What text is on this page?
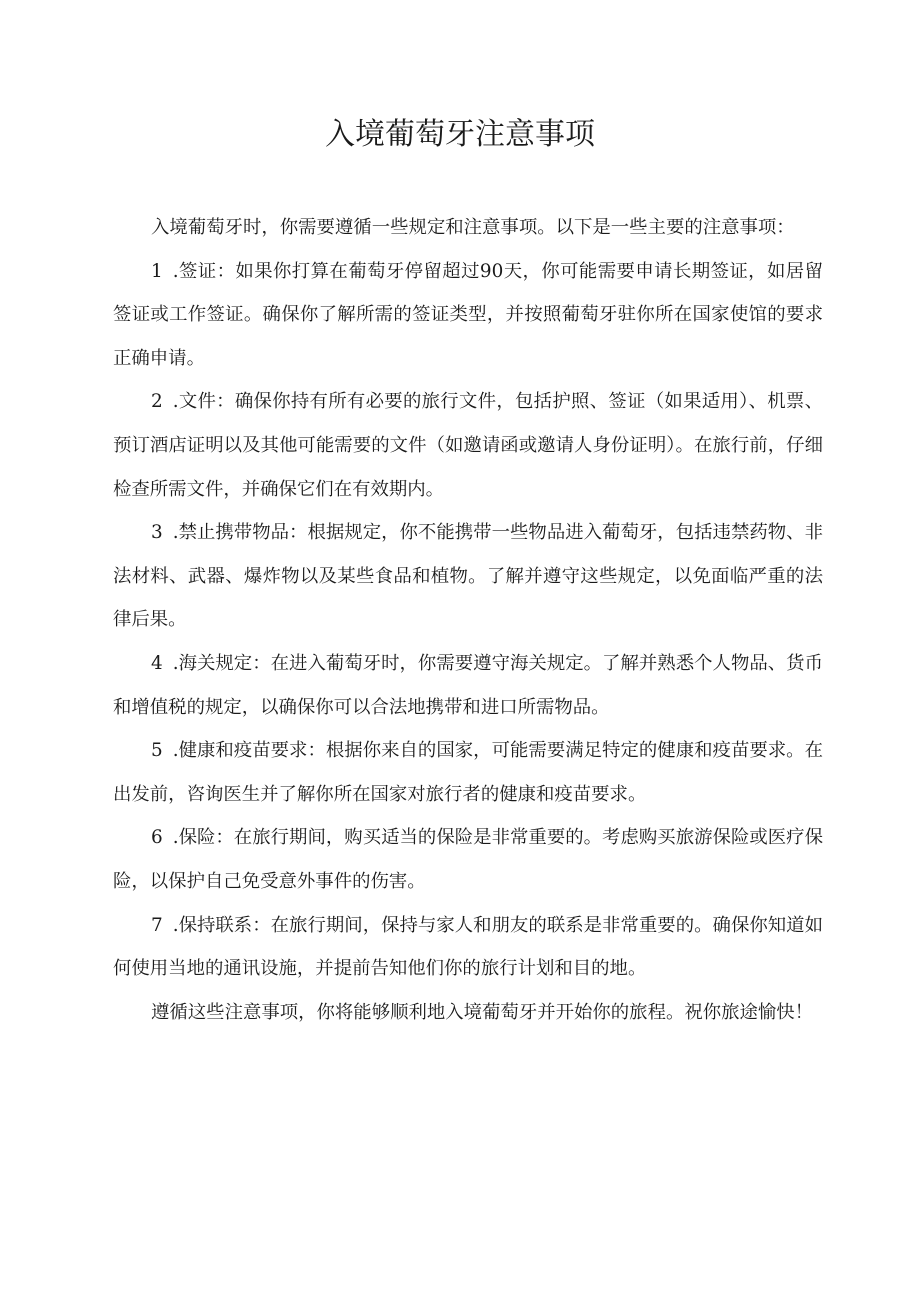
入境葡萄牙注意事项

入境葡萄牙时，你需要遵循一些规定和注意事项。以下是一些主要的注意事项：

1 .签证：如果你打算在葡萄牙停留超过90天，你可能需要申请长期签证，如居留签证或工作签证。确保你了解所需的签证类型，并按照葡萄牙驻你所在国家使馆的要求正确申请。

2 .文件：确保你持有所有必要的旅行文件，包括护照、签证（如果适用）、机票、预订酒店证明以及其他可能需要的文件（如邀请函或邀请人身份证明）。在旅行前，仔细检查所需文件，并确保它们在有效期内。

3 .禁止携带物品：根据规定，你不能携带一些物品进入葡萄牙，包括违禁药物、非法材料、武器、爆炸物以及某些食品和植物。了解并遵守这些规定，以免面临严重的法律后果。

4 .海关规定：在进入葡萄牙时，你需要遵守海关规定。了解并熟悉个人物品、货币和增值税的规定，以确保你可以合法地携带和进口所需物品。

5 .健康和疫苗要求：根据你来自的国家，可能需要满足特定的健康和疫苗要求。在出发前，咨询医生并了解你所在国家对旅行者的健康和疫苗要求。

6 .保险：在旅行期间，购买适当的保险是非常重要的。考虑购买旅游保险或医疗保险，以保护自己免受意外事件的伤害。

7 .保持联系：在旅行期间，保持与家人和朋友的联系是非常重要的。确保你知道如何使用当地的通讯设施，并提前告知他们你的旅行计划和目的地。

遵循这些注意事项，你将能够顺利地入境葡萄牙并开始你的旅程。祝你旅途愉快！
